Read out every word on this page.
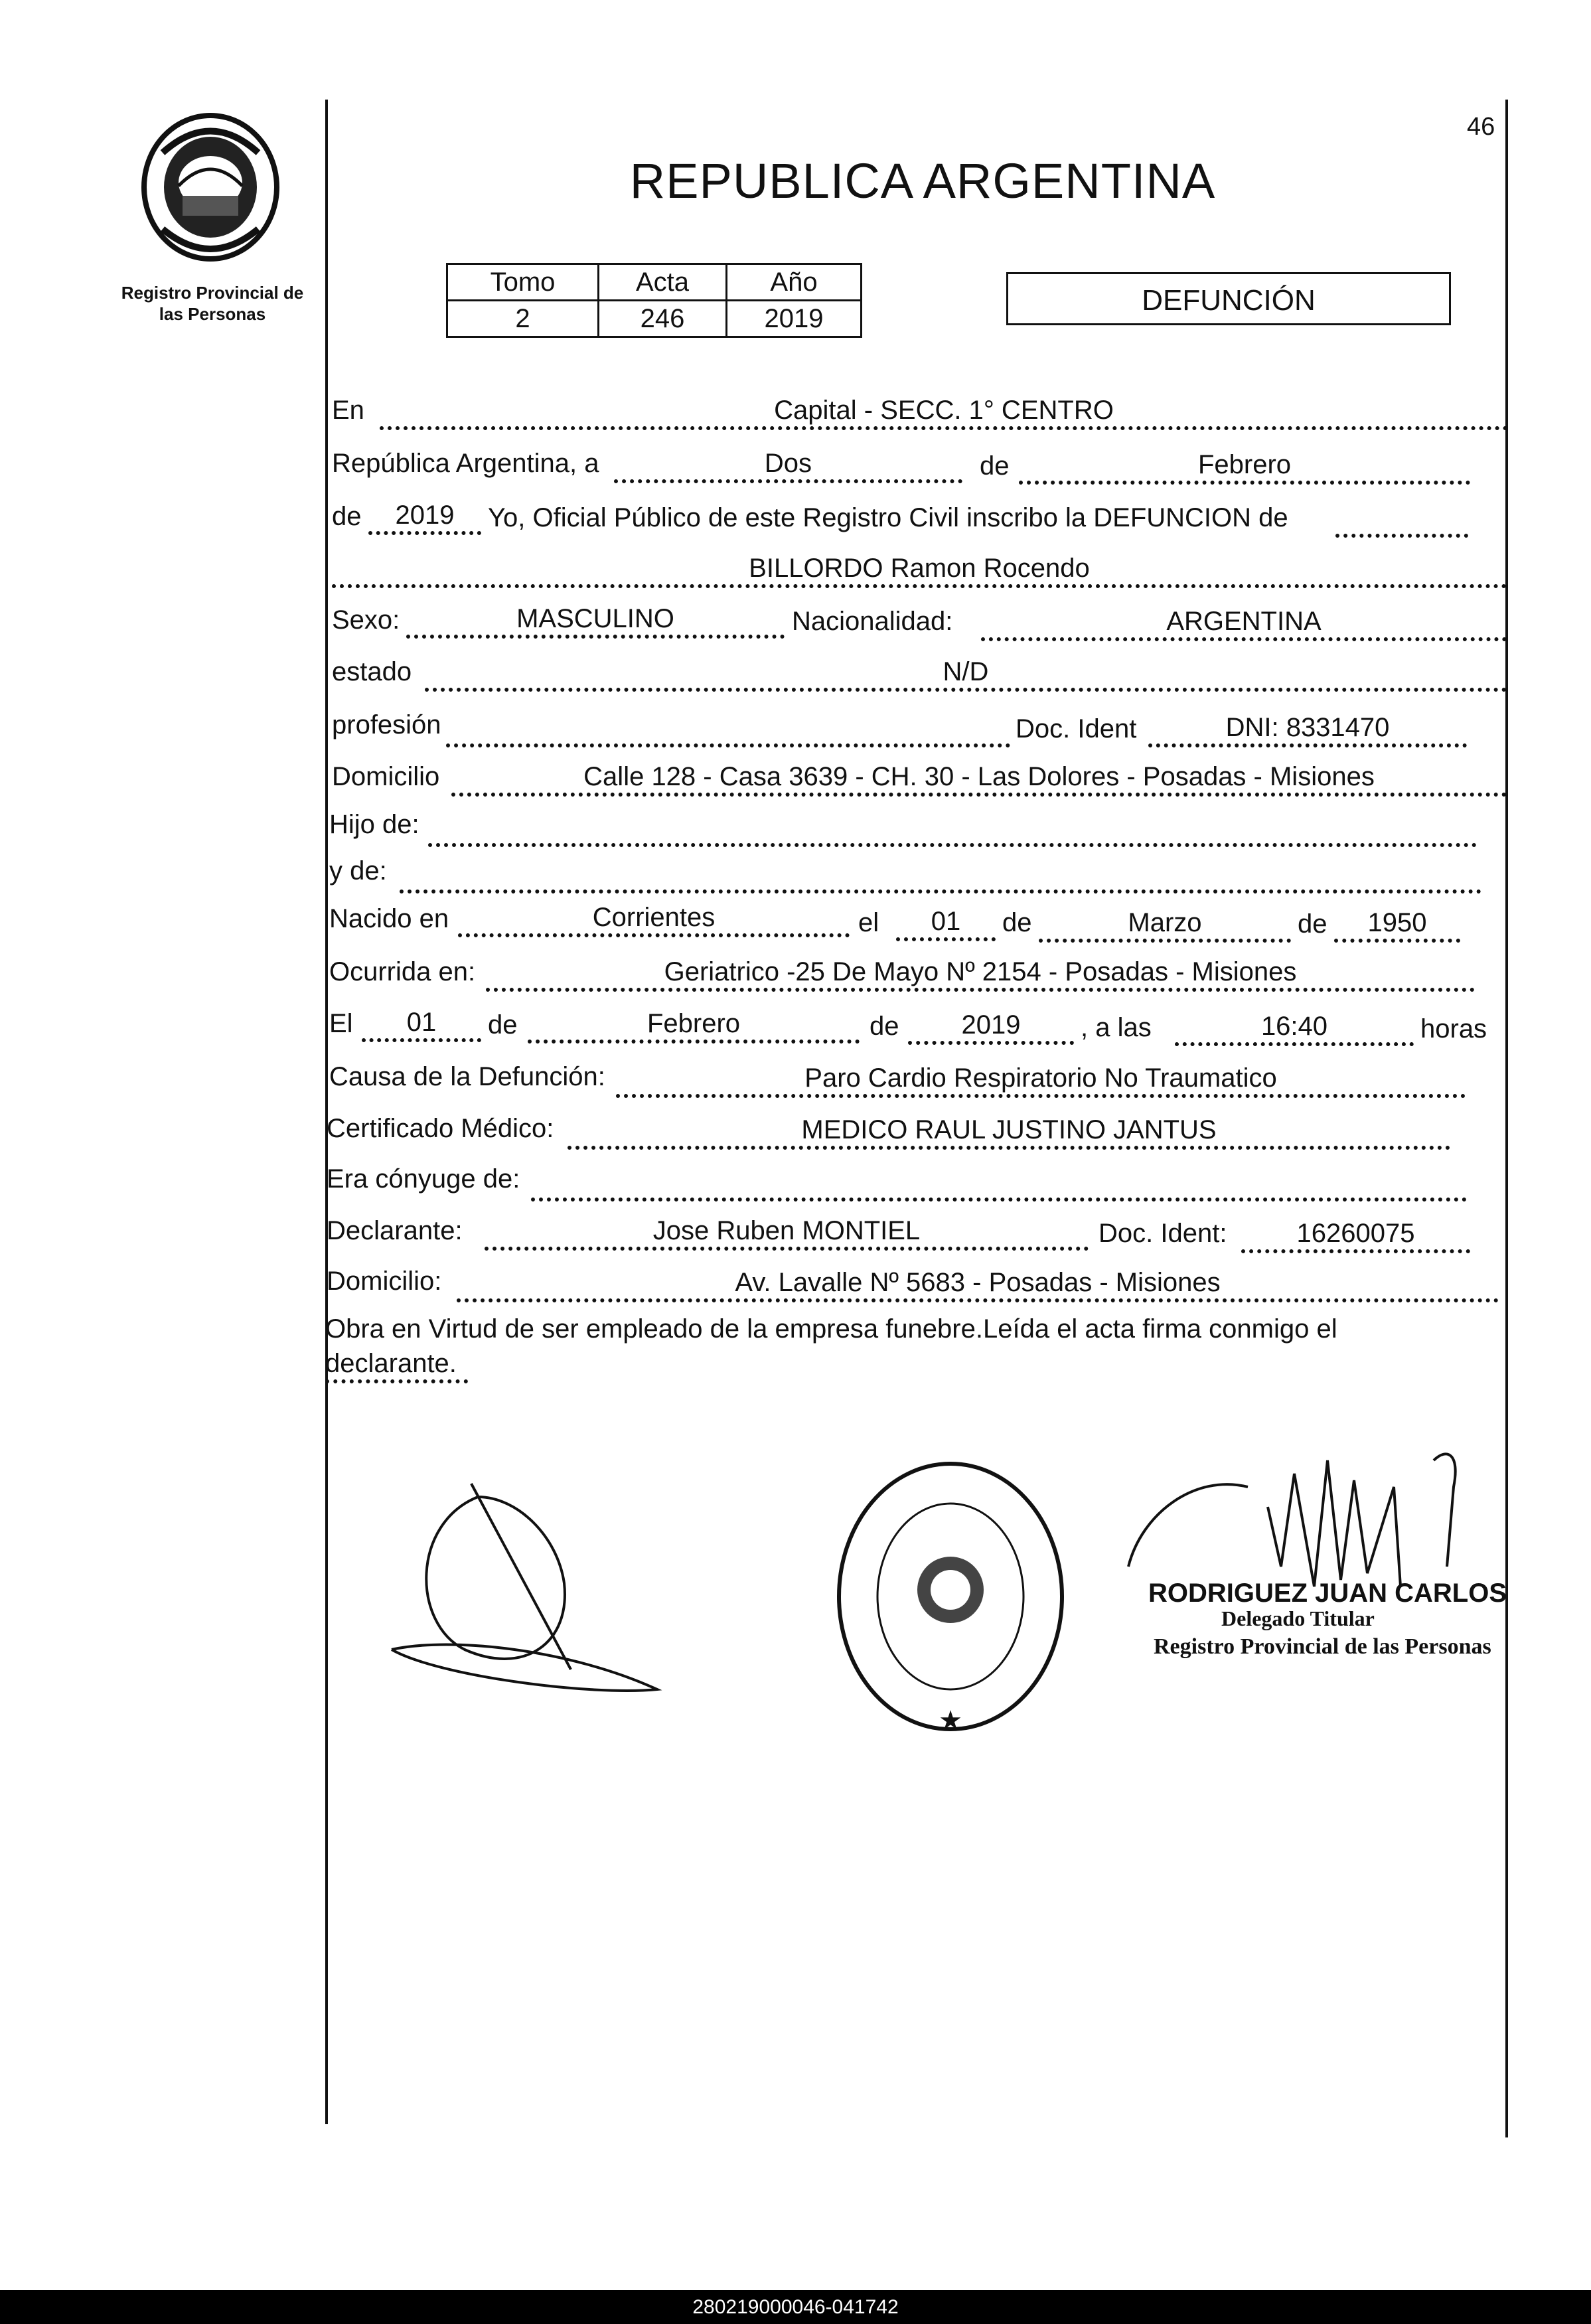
Registro Provincial de
las Personas
46
REPUBLICA ARGENTINA
Tomo	Acta	Año
2	246	2019
DEFUNCIÓN
En	Capital - SECC. 1° CENTRO
República Argentina, a	Dos	de	Febrero
de	2019	Yo, Oficial Público de este Registro Civil inscribo la DEFUNCION de
BILLORDO Ramon Rocendo
Sexo:	MASCULINO	Nacionalidad:	ARGENTINA
estado	N/D
profesión	Doc. Ident	DNI: 8331470
Domicilio	Calle 128 - Casa 3639 - CH. 30 - Las Dolores - Posadas - Misiones
Hijo de:
y de:
Nacido en	Corrientes	el	01	de	Marzo	de	1950
Ocurrida en:	Geriatrico -25 De Mayo Nº 2154 - Posadas - Misiones
El	01	de	Febrero	de	2019	, a las	16:40	horas
Causa de la Defunción:	Paro Cardio Respiratorio No Traumatico
Certificado Médico:	MEDICO RAUL JUSTINO JANTUS
Era cónyuge de:
Declarante:	Jose Ruben MONTIEL	Doc. Ident:	16260075
Domicilio:	Av. Lavalle Nº 5683 - Posadas - Misiones
Obra en Virtud de ser empleado de la empresa funebre.Leída el acta firma conmigo el
declarante.
★
RODRIGUEZ JUAN CARLOS
Delegado Titular
Registro Provincial de las Personas
280219000046-041742
